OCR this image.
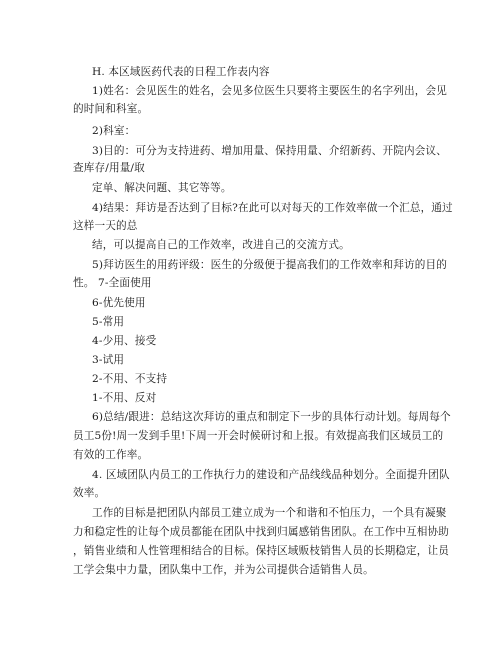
H. 本区域医药代表的日程工作表内容
1)姓名：会见医生的姓名，会见多位医生只要将主要医生的名字列出，会见
的时间和科室。
2)科室：
3)目的：可分为支持进药、增加用量、保持用量、介绍新药、开院内会议、
查库存/用量/取
定单、解决问题、其它等等。
4)结果：拜访是否达到了目标?在此可以对每天的工作效率做一个汇总，通过
这样一天的总
结，可以提高自己的工作效率，改进自己的交流方式。
5)拜访医生的用药评级：医生的分级便于提高我们的工作效率和拜访的目的
性。 7-全面使用
6-优先使用
5-常用
4-少用、接受
3-试用
2-不用、不支持
1-不用、反对
6)总结/跟进：总结这次拜访的重点和制定下一步的具体行动计划。每周每个
员工5份!周一发到手里!下周一开会时候研讨和上报。有效提高我们区域员工的
有效的工作率。
4. 区域团队内员工的工作执行力的建设和产品线线品种划分。全面提升团队
效率。
工作的目标是把团队内部员工建立成为一个和谐和不怕压力，一个具有凝聚
力和稳定性的让每个成员都能在团队中找到归属感销售团队。在工作中互相协助
，销售业绩和人性管理相结合的目标。保持区域贩枝销售人员的长期稳定，让员
工学会集中力量，团队集中工作，并为公司提供合适销售人员。
